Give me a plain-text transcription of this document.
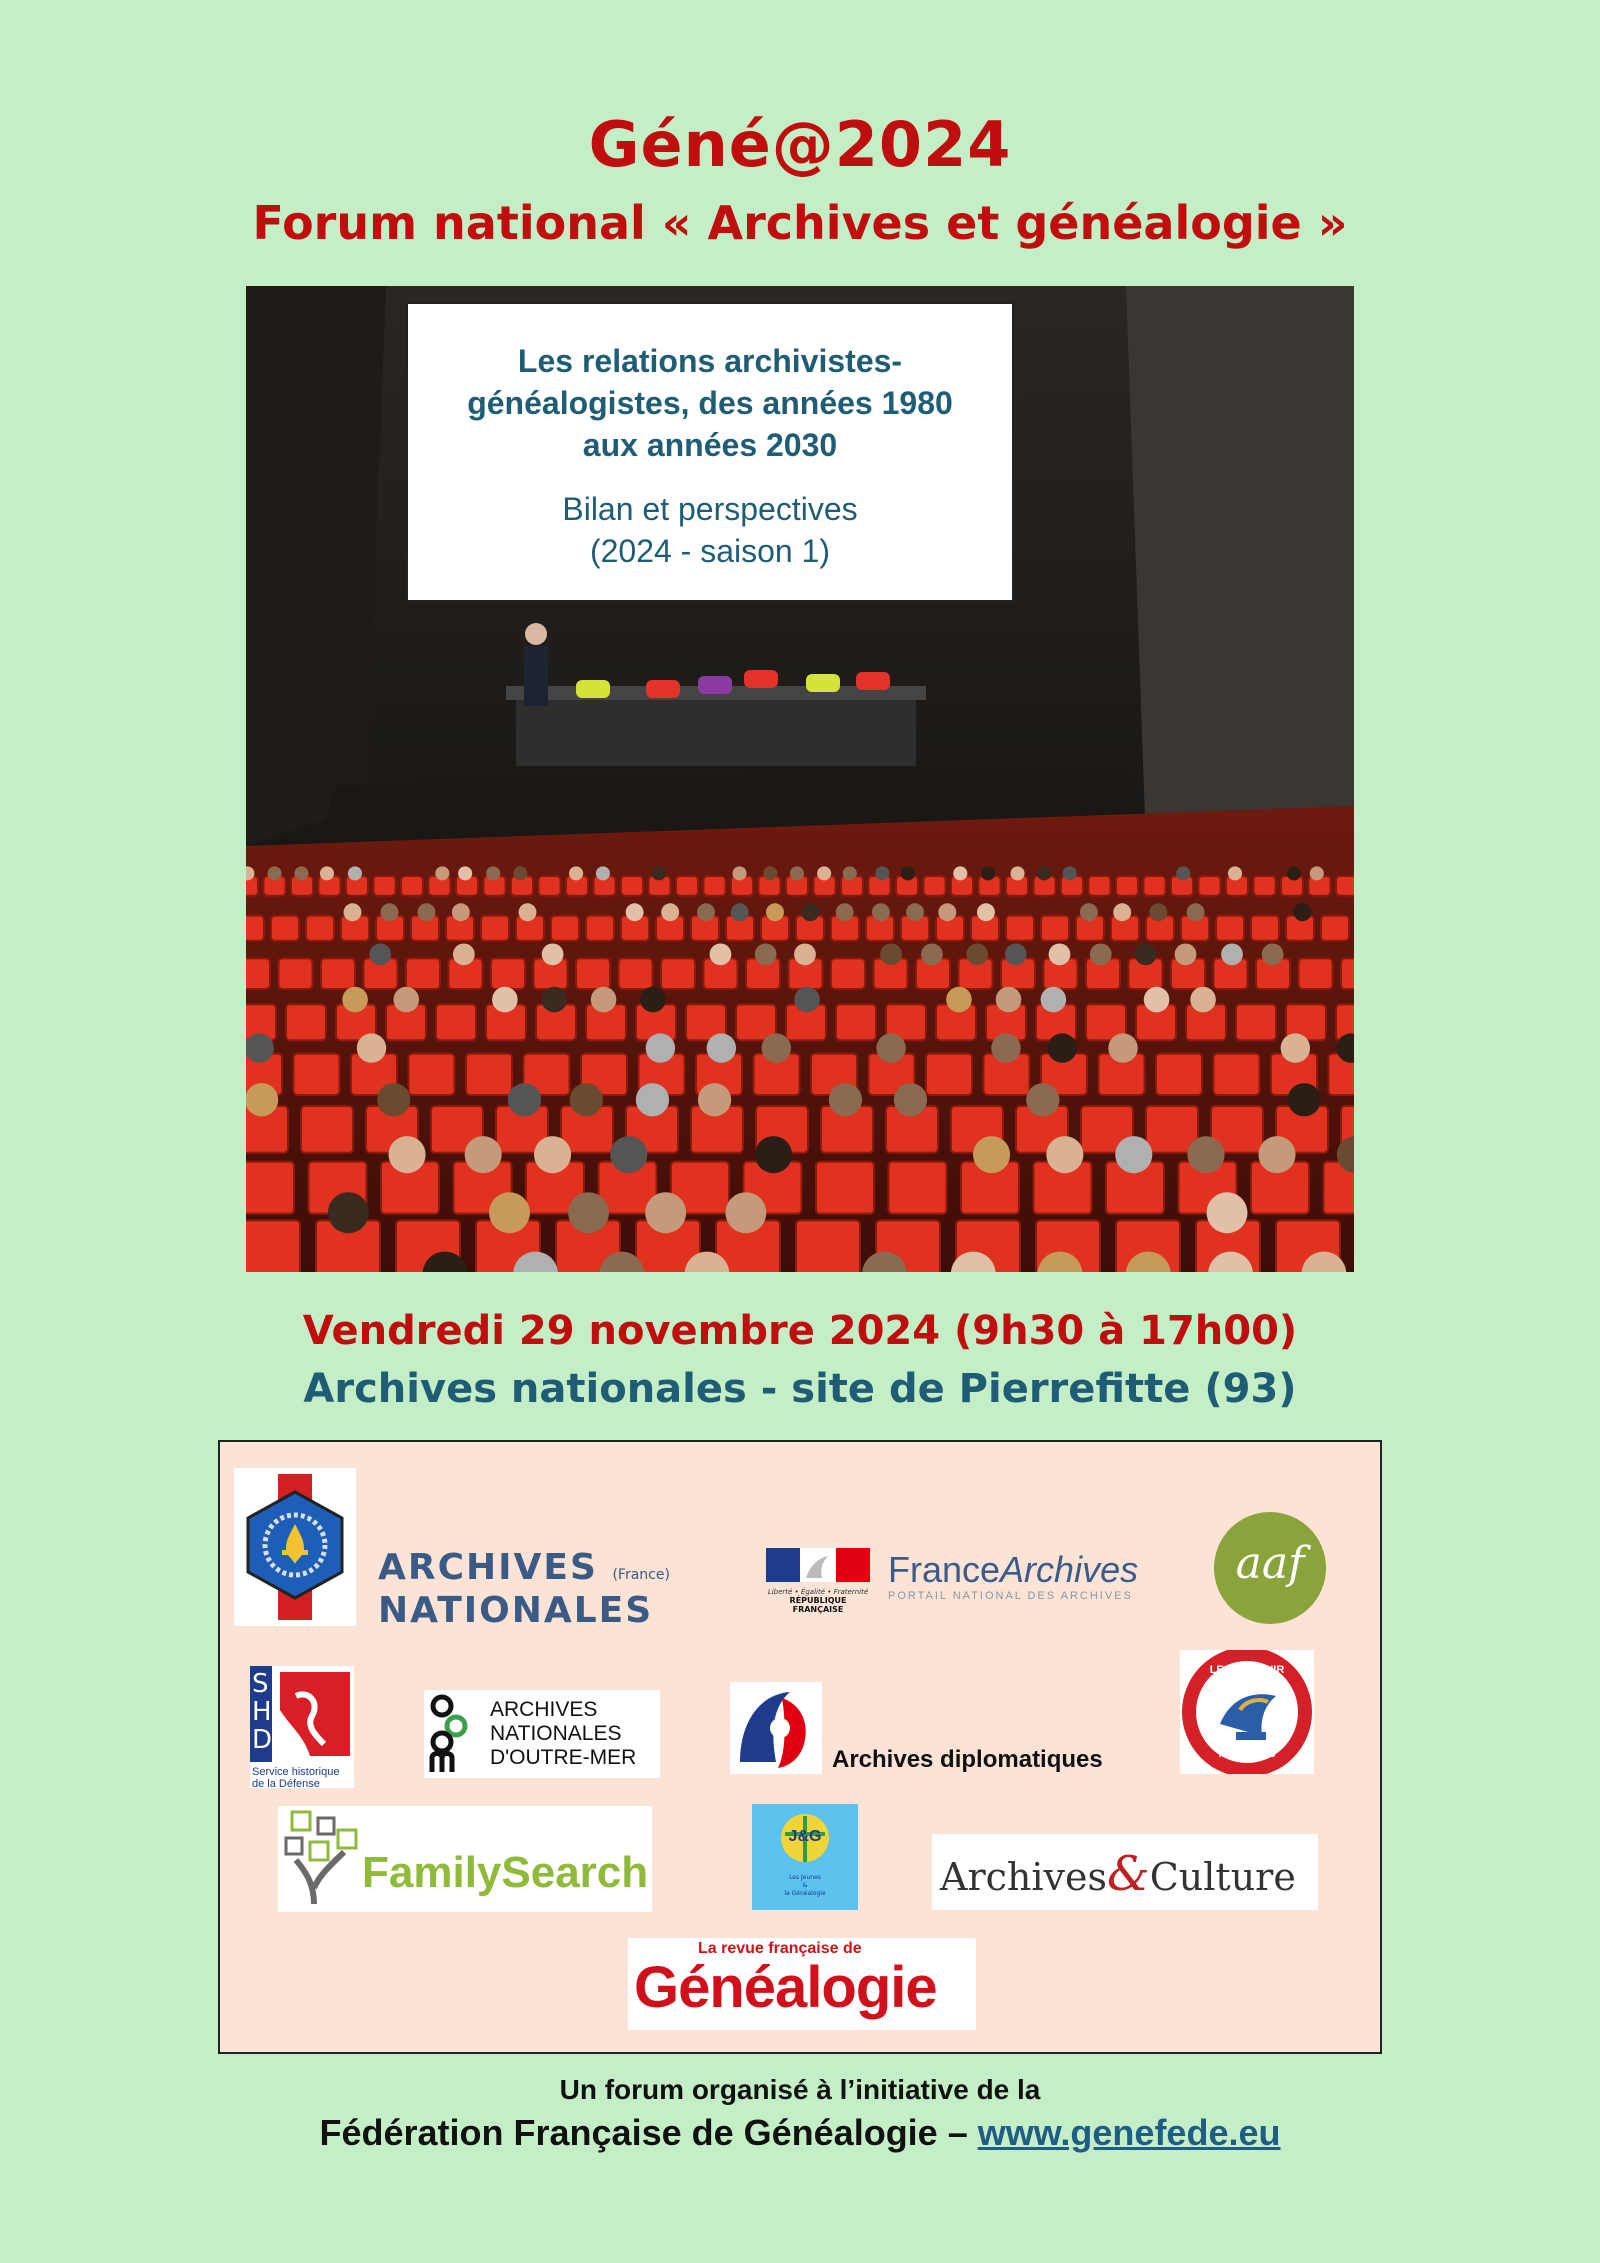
Géné@2024
Forum national « Archives et généalogie »
Les relations archivistes-
généalogistes, des années 1980
aux années 2030
Bilan et perspectives
(2024 - saison 1)
Vendredi 29 novembre 2024 (9h30 à 17h00)
Archives nationales - site de Pierrefitte (93)
ARCHIVES (France)
NATIONALES	Liberté • Égalité • Fraternité
RÉPUBLIQUE FRANÇAISE
FranceArchives
PORTAIL NATIONAL DES ARCHIVES
aaf
SHD
Service historique
de la Défense
ARCHIVES
NATIONALES
D'OUTRE-MER	Archives diplomatiques
LE SOUVENIR
FRANÇAIS
FamilySearch
J&G
Les Jeunes
&
la Généalogie	Archives&Culture
La revue française de
Généalogie
Un forum organisé à l’initiative de la
Fédération Française de Généalogie – www.genefede.eu
